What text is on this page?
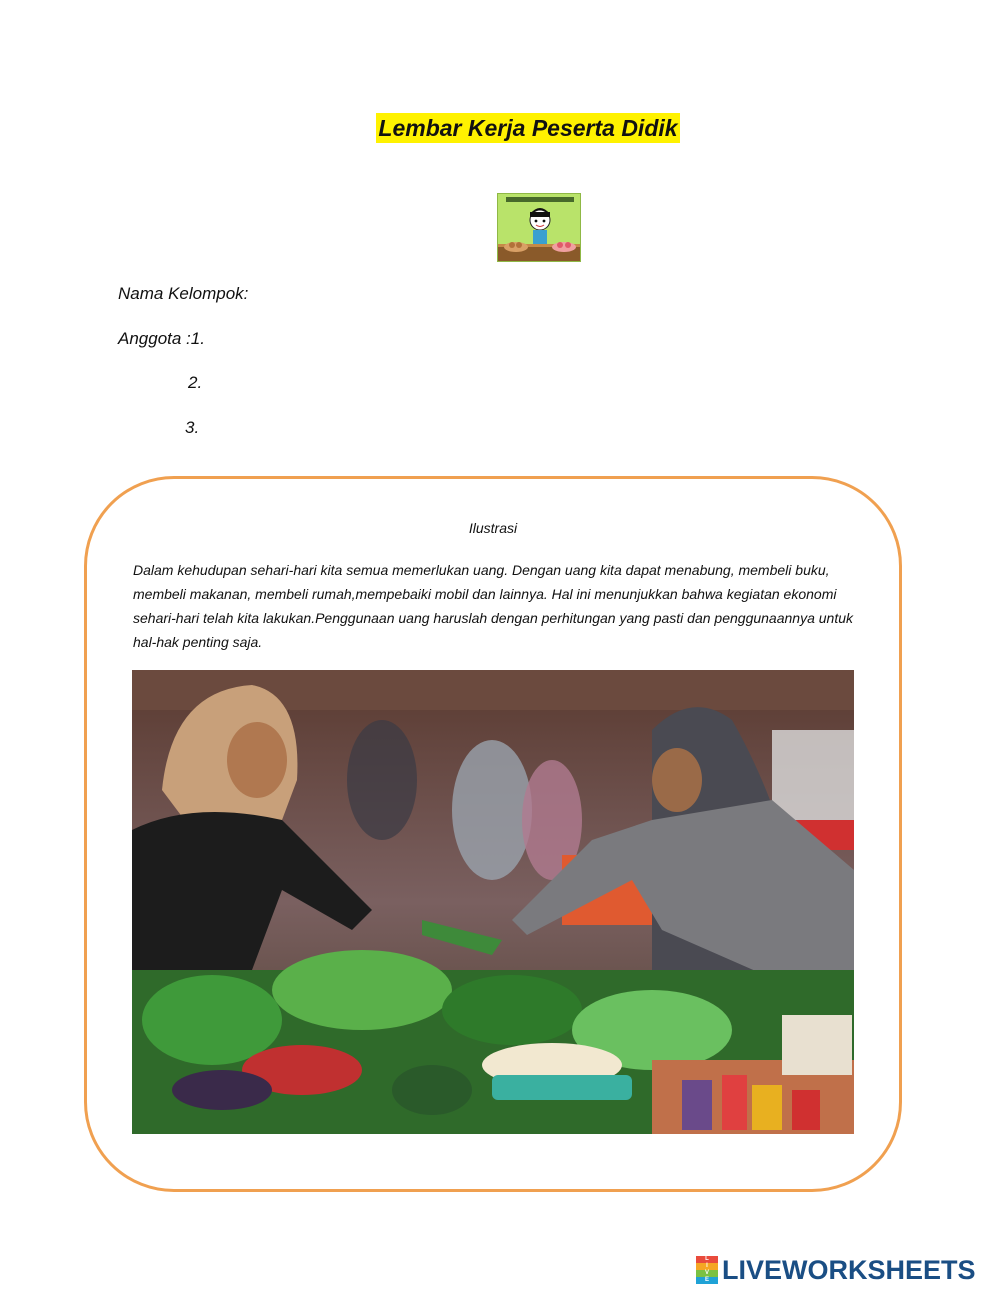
Lembar Kerja Peserta Didik
Nama Kelompok:
Anggota :1.
2.
3.
Ilustrasi
Dalam kehudupan sehari-hari kita semua memerlukan uang. Dengan uang kita dapat menabung, membeli buku, membeli makanan, membeli rumah,mempebaiki mobil dan lainnya. Hal ini menunjukkan bahwa kegiatan ekonomi sehari-hari telah kita lakukan.Penggunaan uang haruslah dengan perhitungan yang pasti dan penggunaannya untuk hal-hak penting saja.
L
I
V
E LIVEWORKSHEETS
